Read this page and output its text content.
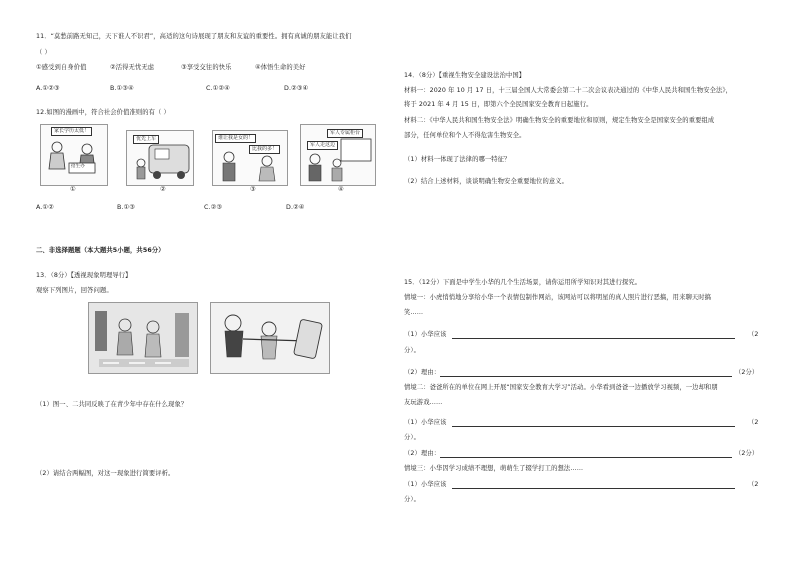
11．“莫愁前路无知己，天下谁人不识君”，高适的这句诗展现了朋友和友谊的重要性。拥有真诚的朋友能让我们
（ ）
①感受到自身价值	②活得无忧无虑	③享受交往的快乐	④体悟生命的美好
A.①②③	B.①③④	C.①②④	D.②③④
12.如图的漫画中，符合社会价值准则的有（ ）
家长学历太低！
招生办
①
优先上车
②
谁让我是女的！
比我的多！
③
军人专属柜台
军人走这边
④
A.①②	B.①③	C.②③	D.②④
二、非选择题题（本大题共5小题，共56分）
13．（8分）【透视现象明理导行】
观察下列图片，回答问题。
（1）图一、二共同反映了在青少年中存在什么现象？
（2）请结合两幅图，对这一现象进行简要评析。
14．（8分）【重视生物安全建设法治中国】
材料一：2020 年 10 月 17 日，十三届全国人大常委会第二十二次会议表决通过的《中华人民共和国生物安全法》，
将于 2021 年 4 月 15 日，即第六个全民国家安全教育日起施行。
材料二：《中华人民共和国生物安全法》明确生物安全的重要地位和原则，规定生物安全是国家安全的重要组成
部分，任何单位和个人不得危害生物安全。
（1）材料一体现了法律的哪一特征？
（2）结合上述材料，谈谈明确生物安全重要地位的意义。
15．（12分）下面是中学生小华的几个生活场景，请你运用所学知识对其进行探究。
情境一：小虎悄悄地分享给小华一个表情包制作网站，该网站可以将明星的真人照片进行恶搞，用来聊天时搞
笑……
（1）小华应该	（2
分）。
（2）理由：	（2分）
情境二：爸爸所在的单位在网上开展“国家安全教育大学习”活动。小华看到爸爸一边播放学习视频，一边却和朋
友玩游戏……
（1）小华应该	（2
分）。
（2）理由：	（2分）
情境三：小华因学习成绩不理想，萌萌生了辍学打工的想法……
（1）小华应该	（2
分）。
